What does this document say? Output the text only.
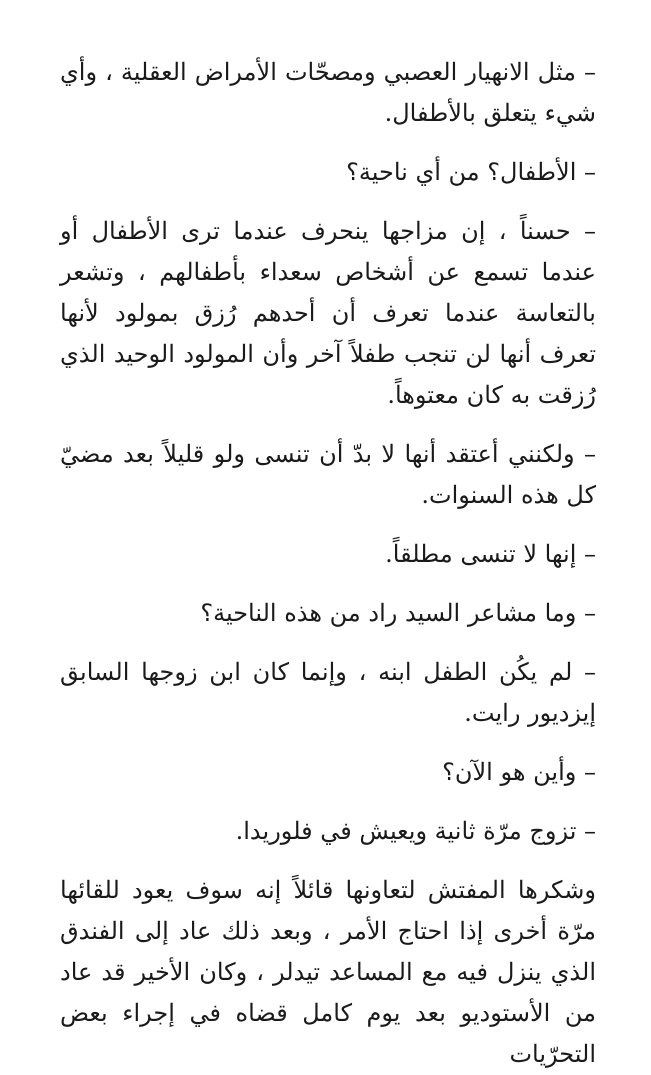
– مثل الانهيار العصبي ومصحّات الأمراض العقلية ، وأي شيء يتعلق بالأطفال.

– الأطفال؟ من أي ناحية؟

– حسناً ، إن مزاجها ينحرف عندما ترى الأطفال أو عندما تسمع عن أشخاص سعداء بأطفالهم ، وتشعر بالتعاسة عندما تعرف أن أحدهم رُزق بمولود لأنها تعرف أنها لن تنجب طفلاً آخر وأن المولود الوحيد الذي رُزقت به كان معتوهاً.

– ولكنني أعتقد أنها لا بدّ أن تنسى ولو قليلاً بعد مضيّ كل هذه السنوات.

– إنها لا تنسى مطلقاً.

– وما مشاعر السيد راد من هذه الناحية؟

– لم يكُن الطفل ابنه ، وإنما كان ابن زوجها السابق إيزديور رايت.

– وأين هو الآن؟

– تزوج مرّة ثانية ويعيش في فلوريدا.

وشكرها المفتش لتعاونها قائلاً إنه سوف يعود للقائها مرّة أخرى إذا احتاج الأمر ، وبعد ذلك عاد إلى الفندق الذي ينزل فيه مع المساعد تيدلر ، وكان الأخير قد عاد من الأستوديو بعد يوم كامل قضاه في إجراء بعض التحرّيات
